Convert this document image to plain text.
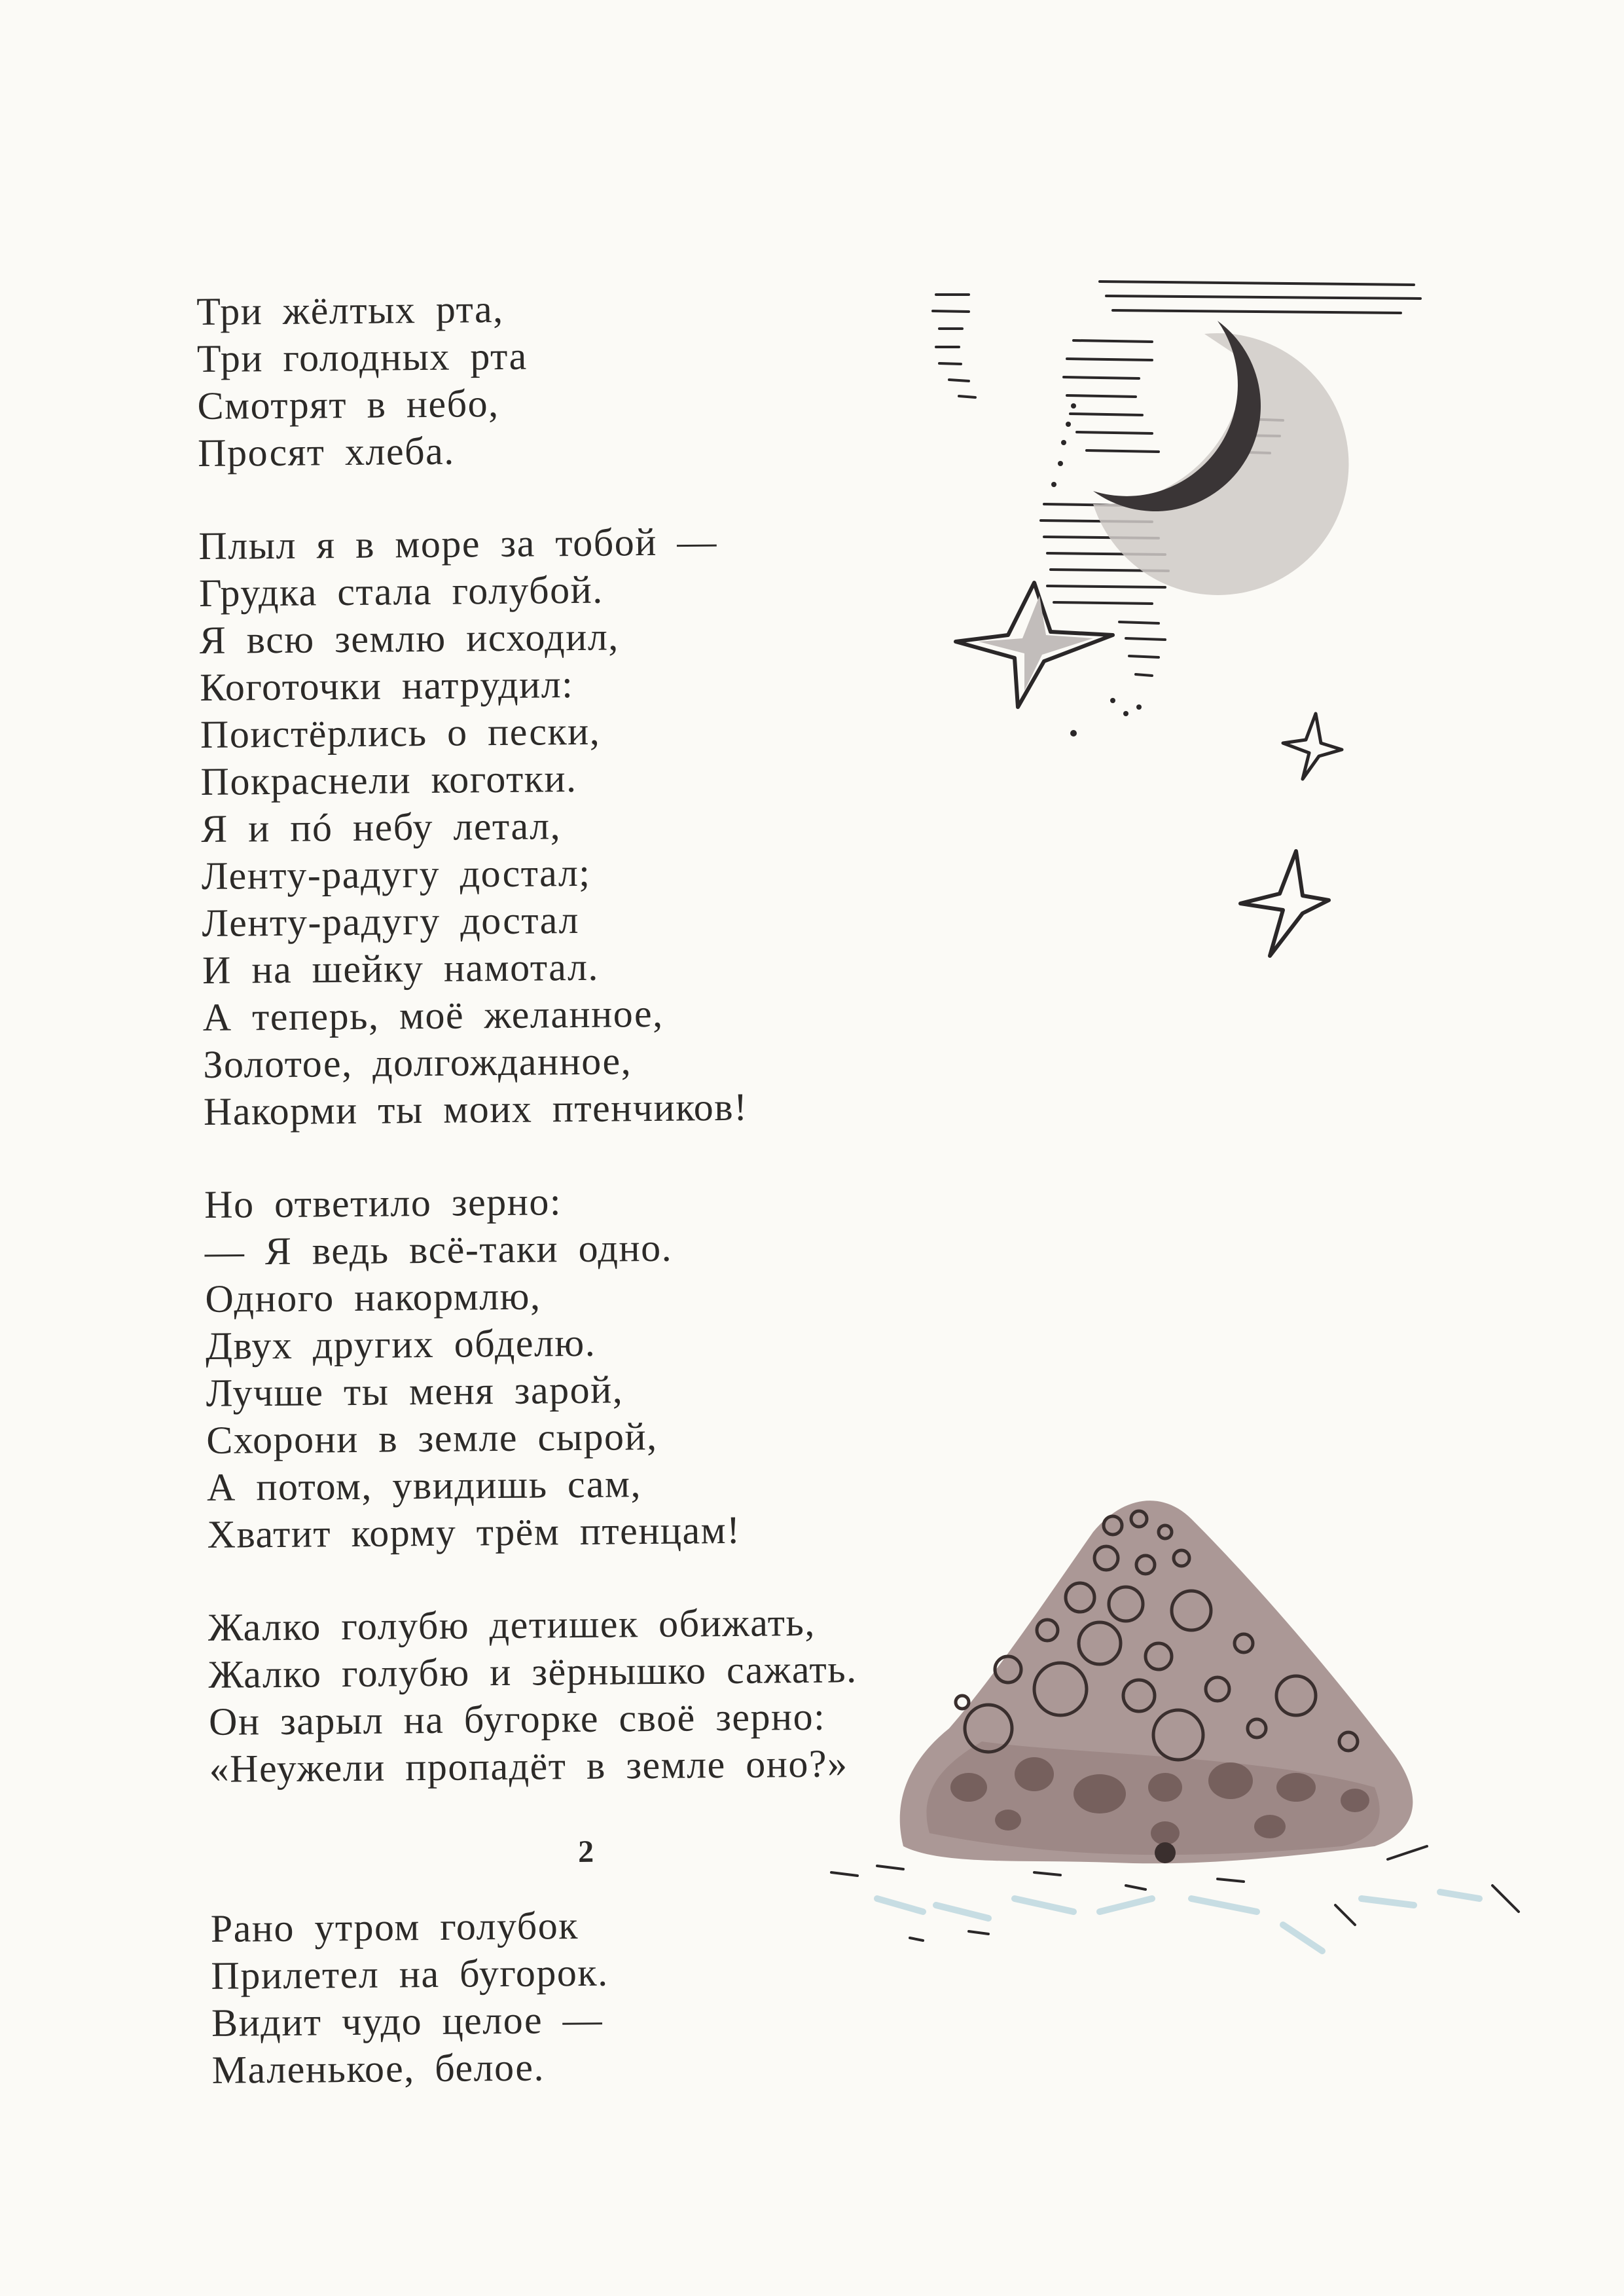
Три жёлтых рта,
Три голодных рта
Смотрят в небо,
Просят хлеба.
Плыл я в море за тобой —
Грудка стала голубой.
Я всю землю исходил,
Коготочки натрудил:
Поистёрлись о пески,
Покраснели коготки.
Я и пó небу летал,
Ленту-радугу достал;
Ленту-радугу достал
И на шейку намотал.
А теперь, моё желанное,
Золотое, долгожданное,
Накорми ты моих птенчиков!
Но ответило зерно:
— Я ведь всё-таки одно.
Одного накормлю,
Двух других обделю.
Лучше ты меня зарой,
Схорони в земле сырой,
А потом, увидишь сам,
Хватит корму трём птенцам!
Жалко голубю детишек обижать,
Жалко голубю и зёрнышко сажать.
Он зарыл на бугорке своё зерно:
«Неужели пропадёт в земле оно?»
2
Рано утром голубок
Прилетел на бугорок.
Видит чудо целое —
Маленькое, белое.
